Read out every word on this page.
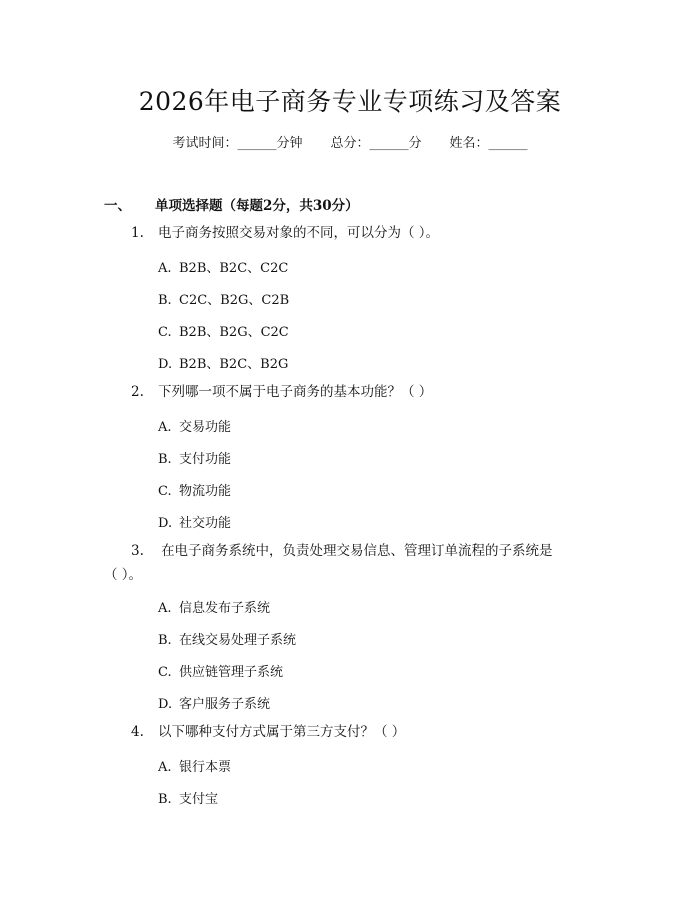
2026年电子商务专业专项练习及答案
考试时间：______分钟 总分：______分 姓名：______
一、 单项选择题（每题2分，共30分）
1. 电子商务按照交易对象的不同，可以分为（ ）。
A. B2B、B2C、C2C
B. C2C、B2G、C2B
C. B2B、B2G、C2C
D. B2B、B2C、B2G
2. 下列哪一项不属于电子商务的基本功能？（ ）
A. 交易功能
B. 支付功能
C. 物流功能
D. 社交功能
3. 在电子商务系统中，负责处理交易信息、管理订单流程的子系统是（ ）。
A. 信息发布子系统
B. 在线交易处理子系统
C. 供应链管理子系统
D. 客户服务子系统
4. 以下哪种支付方式属于第三方支付？（ ）
A. 银行本票
B. 支付宝
